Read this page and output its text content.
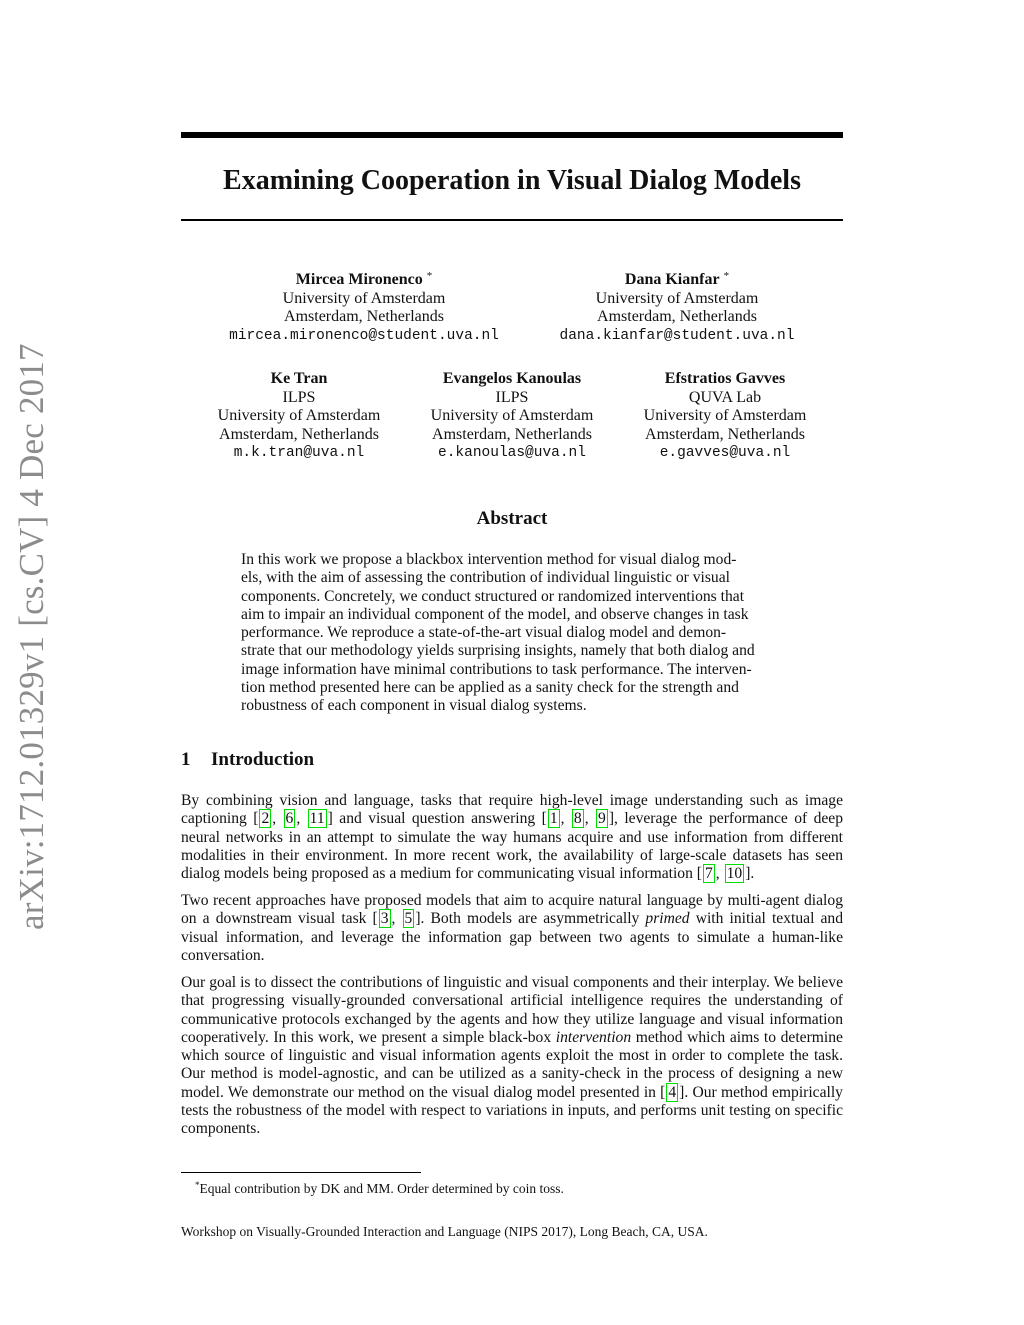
arXiv:1712.01329v1 [cs.CV] 4 Dec 2017
Examining Cooperation in Visual Dialog Models
Mircea Mironenco *
University of Amsterdam
Amsterdam, Netherlands
mircea.mironenco@student.uva.nl
Dana Kianfar *
University of Amsterdam
Amsterdam, Netherlands
dana.kianfar@student.uva.nl
Ke Tran
ILPS
University of Amsterdam
Amsterdam, Netherlands
m.k.tran@uva.nl
Evangelos Kanoulas
ILPS
University of Amsterdam
Amsterdam, Netherlands
e.kanoulas@uva.nl
Efstratios Gavves
QUVA Lab
University of Amsterdam
Amsterdam, Netherlands
e.gavves@uva.nl
Abstract
In this work we propose a blackbox intervention method for visual dialog mod-
els, with the aim of assessing the contribution of individual linguistic or visual
components. Concretely, we conduct structured or randomized interventions that
aim to impair an individual component of the model, and observe changes in task
performance. We reproduce a state-of-the-art visual dialog model and demon-
strate that our methodology yields surprising insights, namely that both dialog and
image information have minimal contributions to task performance. The interven-
tion method presented here can be applied as a sanity check for the strength and
robustness of each component in visual dialog systems.
1 Introduction
By combining vision and language, tasks that require high-level image understanding such as image captioning [ 2 , 6 , 11 ] and visual question answering [ 1 , 8 , 9 ], leverage the performance of deep neural networks in an attempt to simulate the way humans acquire and use information from different modalities in their environment. In more recent work, the availability of large-scale datasets has seen dialog models being proposed as a medium for communicating visual information [ 7 , 10 ].
Two recent approaches have proposed models that aim to acquire natural language by multi-agent dialog on a downstream visual task [ 3 , 5 ]. Both models are asymmetrically primed with initial textual and visual information, and leverage the information gap between two agents to simulate a human-like conversation.
Our goal is to dissect the contributions of linguistic and visual components and their interplay. We believe that progressing visually-grounded conversational artificial intelligence requires the understanding of communicative protocols exchanged by the agents and how they utilize language and visual information cooperatively. In this work, we present a simple black-box intervention method which aims to determine which source of linguistic and visual information agents exploit the most in order to complete the task. Our method is model-agnostic, and can be utilized as a sanity-check in the process of designing a new model. We demonstrate our method on the visual dialog model presented in [ 4 ]. Our method empirically tests the robustness of the model with respect to variations in inputs, and performs unit testing on specific components.
*Equal contribution by DK and MM. Order determined by coin toss.
Workshop on Visually-Grounded Interaction and Language (NIPS 2017), Long Beach, CA, USA.
